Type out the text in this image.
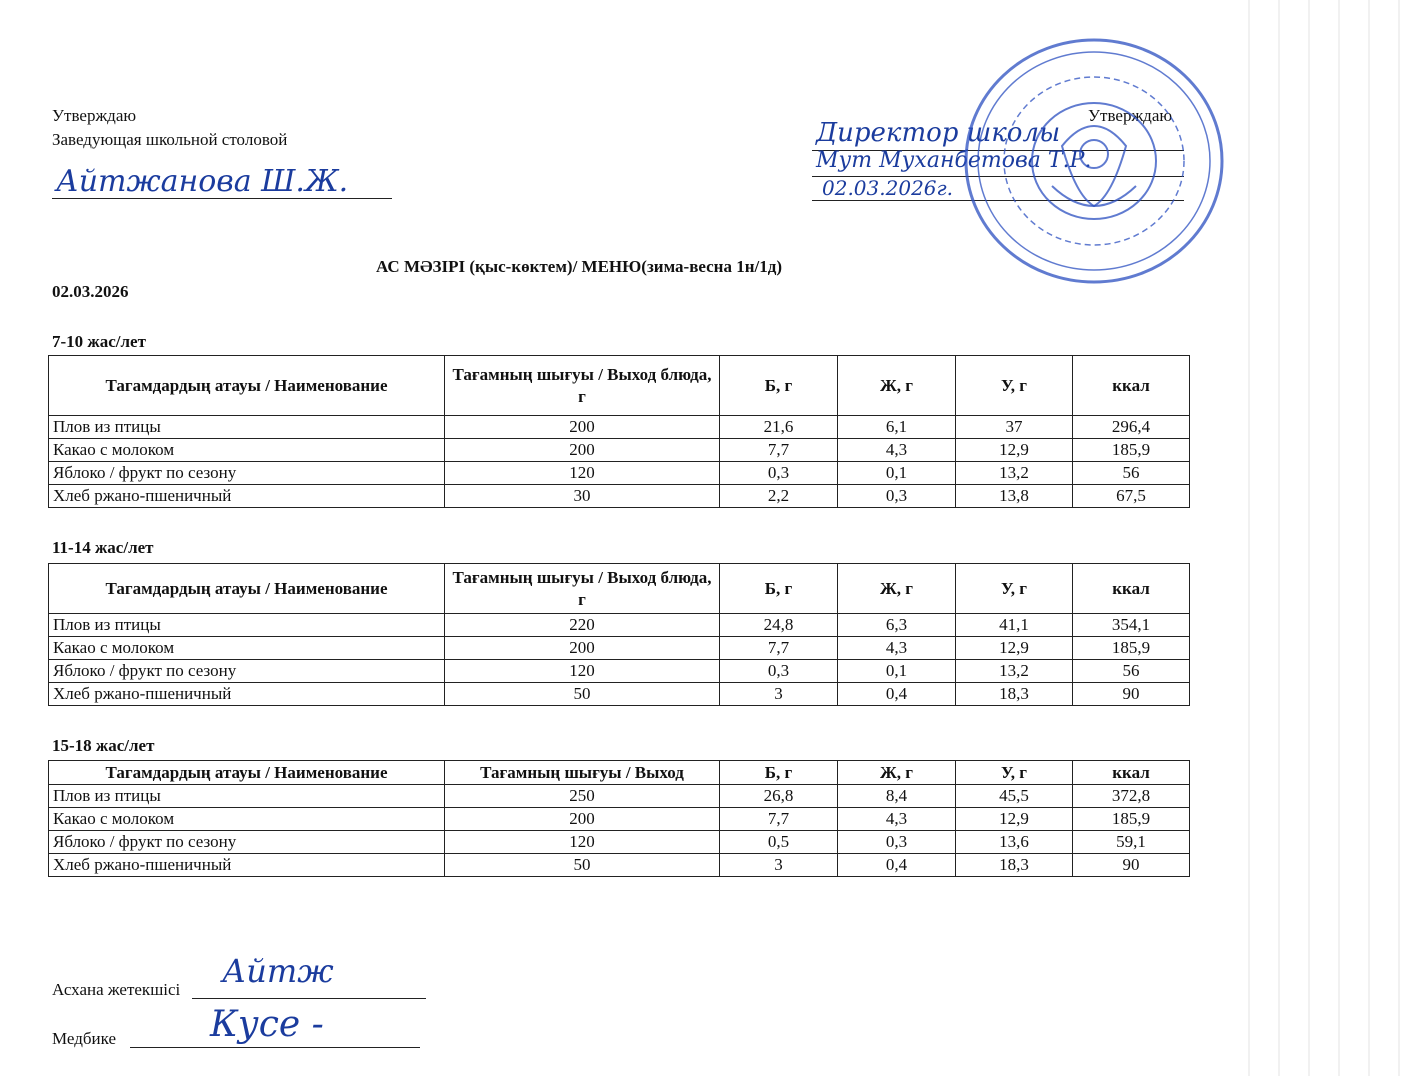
Утверждаю
Заведующая школьной столовой
Айтжанова Ш.Ж.
Утверждаю
Директор школы
Мут Муханбетова Т.Р.
02.03.2026г.
АС МӘЗІРІ (қыс-көктем)/ МЕНЮ(зима-весна 1н/1д)
02.03.2026
7-10 жас/лет
Тагамдардың атауы / Наименование	Тағамның шығуы / Выход блюда, г	Б, г	Ж, г	У, г	ккал
Плов из птицы	200	21,6	6,1	37	296,4
Какао с молоком	200	7,7	4,3	12,9	185,9
Яблоко / фрукт по сезону	120	0,3	0,1	13,2	56
Хлеб ржано-пшеничный	30	2,2	0,3	13,8	67,5
11-14 жас/лет
Тагамдардың атауы / Наименование	Тағамның шығуы / Выход блюда, г	Б, г	Ж, г	У, г	ккал
Плов из птицы	220	24,8	6,3	41,1	354,1
Какао с молоком	200	7,7	4,3	12,9	185,9
Яблоко / фрукт по сезону	120	0,3	0,1	13,2	56
Хлеб ржано-пшеничный	50	3	0,4	18,3	90
15-18 жас/лет
Тагамдардың атауы / Наименование	Тағамның шығуы / Выход	Б, г	Ж, г	У, г	ккал
Плов из птицы	250	26,8	8,4	45,5	372,8
Какао с молоком	200	7,7	4,3	12,9	185,9
Яблоко / фрукт по сезону	120	0,5	0,3	13,6	59,1
Хлеб ржано-пшеничный	50	3	0,4	18,3	90
Асхана жетекшісі Айтж
Медбике	Кусе -
